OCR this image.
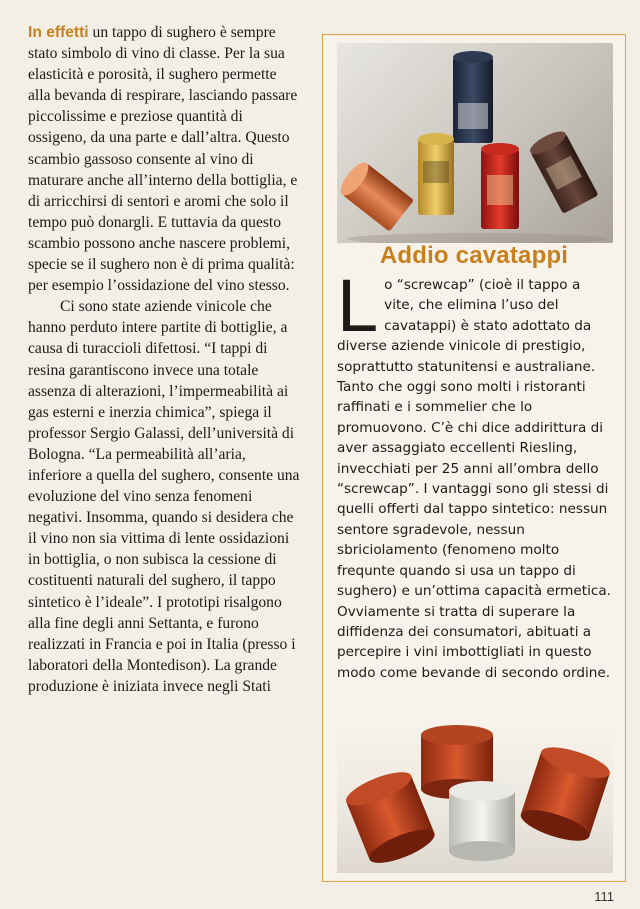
In effetti un tappo di sughero è sempre stato simbolo di vino di classe. Per la sua elasticità e porosità, il sughero permette alla bevanda di respirare, lasciando passare piccolissime e preziose quantità di ossigeno, da una parte e dall’altra. Questo scambio gassoso consente al vino di maturare anche all’interno della bottiglia, e di arricchirsi di sentori e aromi che solo il tempo può donargli. E tuttavia da questo scambio possono anche nascere problemi, specie se il sughero non è di prima qualità: per esempio l’ossidazione del vino stesso.

Ci sono state aziende vinicole che hanno perduto intere partite di bottiglie, a causa di turaccioli difettosi. “I tappi di resina garantiscono invece una totale assenza di alterazioni, l’impermeabilità ai gas esterni e inerzia chimica”, spiega il professor Sergio Galassi, dell’università di Bologna. “La permeabilità all’aria, inferiore a quella del sughero, consente una evoluzione del vino senza fenomeni negativi. Insomma, quando si desidera che il vino non sia vittima di lente ossidazioni in bottiglia, o non subisca la cessione di costituenti naturali del sughero, il tappo sintetico è l’ideale”. I prototipi risalgono alla fine degli anni Settanta, e furono realizzati in Francia e poi in Italia (presso i laboratori della Montedison). La grande produzione è iniziata invece negli Stati

Addio cavatappi
L o “screwcap” (cioè il tappo a vite, che elimina l’uso del cavatappi) è stato adottato da diverse aziende vinicole di prestigio, soprattutto statunitensi e australiane. Tanto che oggi sono molti i ristoranti raffinati e i sommelier che lo promuovono. C’è chi dice addirittura di aver assaggiato eccellenti Riesling, invecchiati per 25 anni all’ombra dello “screwcap”. I vantaggi sono gli stessi di quelli offerti dal tappo sintetico: nessun sentore sgradevole, nessun sbriciolamento (fenomeno molto frequnte quando si usa un tappo di sughero) e un’ottima capacità ermetica. Ovviamente si tratta di superare la diffidenza dei consumatori, abituati a percepire i vini imbottigliati in questo modo come bevande di secondo ordine.

111
